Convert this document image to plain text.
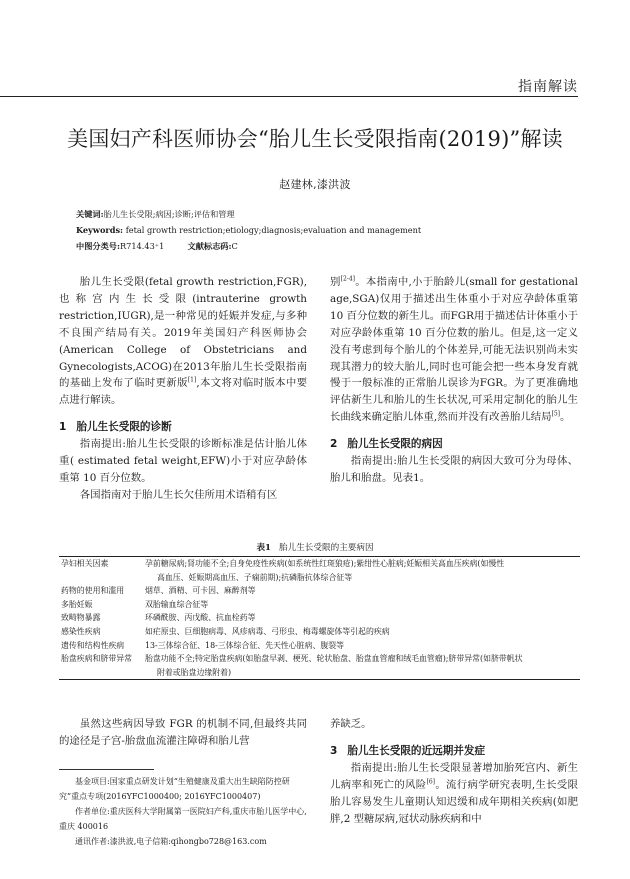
指南解读
美国妇产科医师协会“胎儿生长受限指南(2019)”解读
赵建林,漆洪波
关键词:胎儿生长受限;病因;诊断;评估和管理
Keywords: fetal growth restriction;etiology;diagnosis;evaluation and management
中图分类号:R714.43⁺1	文献标志码:C

胎儿生长受限(fetal growth restriction,FGR),也称宫内生长受限(intrauterine growth restriction,IUGR),是一种常见的妊娠并发症,与多种不良围产结局有关。2019年美国妇产科医师协会(American College of Obstetricians and Gynecologists,ACOG)在2013年胎儿生长受限指南的基础上发布了临时更新版[1],本文将对临时版本中要点进行解读。

1 胎儿生长受限的诊断

指南提出:胎儿生长受限的诊断标准是估计胎儿体重( estimated fetal weight,EFW)小于对应孕龄体重第 10 百分位数。

各国指南对于胎儿生长欠佳所用术语稍有区

别[2-4]。本指南中,小于胎龄儿(small for gestational age,SGA)仅用于描述出生体重小于对应孕龄体重第 10 百分位数的新生儿。而FGR用于描述估计体重小于对应孕龄体重第 10 百分位数的胎儿。但是,这一定义没有考虑到每个胎儿的个体差异,可能无法识别尚未实现其潜力的较大胎儿,同时也可能会把一些本身发育就慢于一般标准的正常胎儿误诊为FGR。为了更准确地评估新生儿和胎儿的生长状况,可采用定制化的胎儿生长曲线来确定胎儿体重,然而并没有改善胎儿结局[5]。

2 胎儿生长受限的病因

指南提出:胎儿生长受限的病因大致可分为母体、胎儿和胎盘。见表1。

表1 胎儿生长受限的主要病因
孕妇相关因素	孕前糖尿病;肾功能不全;自身免疫性疾病(如系统性红斑狼疮);紫绀性心脏病;妊娠相关高血压疾病(如慢性
高血压、妊娠期高血压、子痫前期);抗磷脂抗体综合征等
药物的使用和滥用	烟草、酒精、可卡因、麻醉剂等
多胎妊娠	双胎输血综合征等
致畸物暴露	环磷酰胺、丙戊酸、抗血栓药等
感染性疾病	如疟原虫、巨细胞病毒、风疹病毒、弓形虫、梅毒螺旋体等引起的疾病
遗传和结构性疾病	13-三体综合征、18-三体综合征、先天性心脏病、腹裂等
胎盘疾病和脐带异常	胎盘功能不全;特定胎盘疾病(如胎盘早剥、梗死、轮状胎盘、胎盘血管瘤和绒毛血管瘤);脐带异常(如脐带帆状
附着或胎盘边缘附着)

虽然这些病因导致 FGR 的机制不同,但最终共同的途径是子宫-胎盘血流灌注障碍和胎儿营

养缺乏。

3 胎儿生长受限的近远期并发症

指南提出:胎儿生长受限显著增加胎死宫内、新生儿病率和死亡的风险[6]。流行病学研究表明,生长受限胎儿容易发生儿童期认知迟缓和成年期相关疾病(如肥胖,2 型糖尿病,冠状动脉疾病和中

基金项目:国家重点研发计划“生殖健康及重大出生缺陷防控研究”重点专项(2016YFC1000400; 2016YFC1000407)

作者单位:重庆医科大学附属第一医院妇产科,重庆市胎儿医学中心,重庆 400016

通讯作者:漆洪波,电子信箱:qihongbo728@163.com
